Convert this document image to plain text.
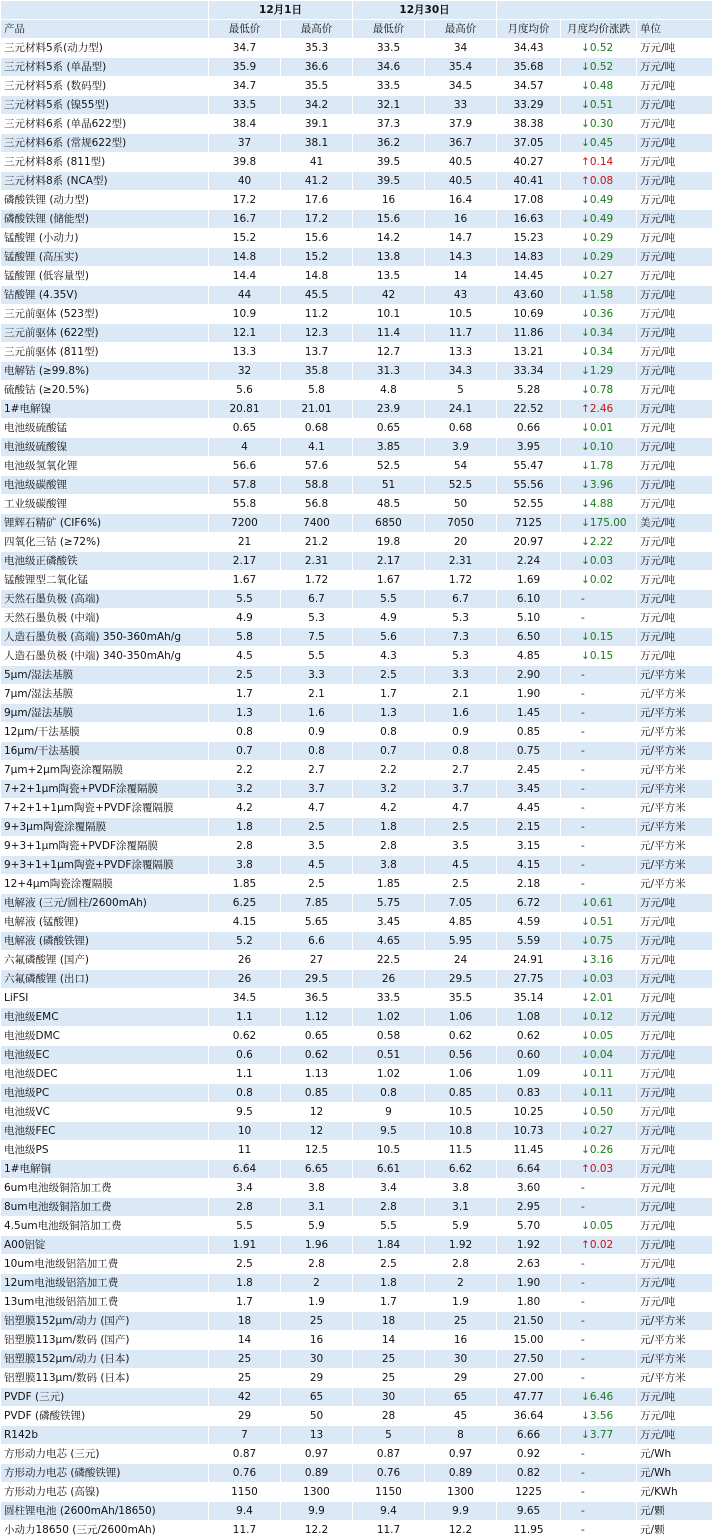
	12月1日		12月30日				
产品	最低价	最高价	最低价	最高价	月度均价	月度均价涨跌	单位
三元材料5系(动力型)	34.7	35.3	33.5	34	34.43	↓0.52	万元/吨
三元材料5系 (单晶型)	35.9	36.6	34.6	35.4	35.68	↓0.52	万元/吨
三元材料5系 (数码型)	34.7	35.5	33.5	34.5	34.57	↓0.48	万元/吨
三元材料5系 (镍55型)	33.5	34.2	32.1	33	33.29	↓0.51	万元/吨
三元材料6系 (单晶622型)	38.4	39.1	37.3	37.9	38.38	↓0.30	万元/吨
三元材料6系 (常规622型)	37	38.1	36.2	36.7	37.05	↓0.45	万元/吨
三元材料8系 (811型)	39.8	41	39.5	40.5	40.27	↑0.14	万元/吨
三元材料8系 (NCA型)	40	41.2	39.5	40.5	40.41	↑0.08	万元/吨
磷酸铁锂 (动力型)	17.2	17.6	16	16.4	17.08	↓0.49	万元/吨
磷酸铁锂 (储能型)	16.7	17.2	15.6	16	16.63	↓0.49	万元/吨
锰酸锂 (小动力)	15.2	15.6	14.2	14.7	15.23	↓0.29	万元/吨
锰酸锂 (高压实)	14.8	15.2	13.8	14.3	14.83	↓0.29	万元/吨
锰酸锂 (低容量型)	14.4	14.8	13.5	14	14.45	↓0.27	万元/吨
钴酸锂 (4.35V)	44	45.5	42	43	43.60	↓1.58	万元/吨
三元前驱体 (523型)	10.9	11.2	10.1	10.5	10.69	↓0.36	万元/吨
三元前驱体 (622型)	12.1	12.3	11.4	11.7	11.86	↓0.34	万元/吨
三元前驱体 (811型)	13.3	13.7	12.7	13.3	13.21	↓0.34	万元/吨
电解钴 (≥99.8%)	32	35.8	31.3	34.3	33.34	↓1.29	万元/吨
硫酸钴 (≥20.5%)	5.6	5.8	4.8	5	5.28	↓0.78	万元/吨
1#电解镍	20.81	21.01	23.9	24.1	22.52	↑2.46	万元/吨
电池级硫酸锰	0.65	0.68	0.65	0.68	0.66	↓0.01	万元/吨
电池级硫酸镍	4	4.1	3.85	3.9	3.95	↓0.10	万元/吨
电池级氢氧化锂	56.6	57.6	52.5	54	55.47	↓1.78	万元/吨
电池级碳酸锂	57.8	58.8	51	52.5	55.56	↓3.96	万元/吨
工业级碳酸锂	55.8	56.8	48.5	50	52.55	↓4.88	万元/吨
锂辉石精矿 (CIF6%)	7200	7400	6850	7050	7125	↓175.00	美元/吨
四氧化三钴 (≥72%)	21	21.2	19.8	20	20.97	↓2.22	万元/吨
电池级正磷酸铁	2.17	2.31	2.17	2.31	2.24	↓0.03	万元/吨
锰酸锂型二氧化锰	1.67	1.72	1.67	1.72	1.69	↓0.02	万元/吨
天然石墨负极 (高端)	5.5	6.7	5.5	6.7	6.10	-	万元/吨
天然石墨负极 (中端)	4.9	5.3	4.9	5.3	5.10	-	万元/吨
人造石墨负极 (高端) 350-360mAh/g	5.8	7.5	5.6	7.3	6.50	↓0.15	万元/吨
人造石墨负极 (中端) 340-350mAh/g	4.5	5.5	4.3	5.3	4.85	↓0.15	万元/吨
5μm/湿法基膜	2.5	3.3	2.5	3.3	2.90	-	元/平方米
7μm/湿法基膜	1.7	2.1	1.7	2.1	1.90	-	元/平方米
9μm/湿法基膜	1.3	1.6	1.3	1.6	1.45	-	元/平方米
12μm/干法基膜	0.8	0.9	0.8	0.9	0.85	-	元/平方米
16μm/干法基膜	0.7	0.8	0.7	0.8	0.75	-	元/平方米
7μm+2μm陶瓷涂覆隔膜	2.2	2.7	2.2	2.7	2.45	-	元/平方米
7+2+1μm陶瓷+PVDF涂覆隔膜	3.2	3.7	3.2	3.7	3.45	-	元/平方米
7+2+1+1μm陶瓷+PVDF涂覆隔膜	4.2	4.7	4.2	4.7	4.45	-	元/平方米
9+3μm陶瓷涂覆隔膜	1.8	2.5	1.8	2.5	2.15	-	元/平方米
9+3+1μm陶瓷+PVDF涂覆隔膜	2.8	3.5	2.8	3.5	3.15	-	元/平方米
9+3+1+1μm陶瓷+PVDF涂覆隔膜	3.8	4.5	3.8	4.5	4.15	-	元/平方米
12+4μm陶瓷涂覆隔膜	1.85	2.5	1.85	2.5	2.18	-	元/平方米
电解液 (三元/圆柱/2600mAh)	6.25	7.85	5.75	7.05	6.72	↓0.61	万元/吨
电解液 (锰酸锂)	4.15	5.65	3.45	4.85	4.59	↓0.51	万元/吨
电解液 (磷酸铁锂)	5.2	6.6	4.65	5.95	5.59	↓0.75	万元/吨
六氟磷酸锂 (国产)	26	27	22.5	24	24.91	↓3.16	万元/吨
六氟磷酸锂 (出口)	26	29.5	26	29.5	27.75	↓0.03	万元/吨
LiFSI	34.5	36.5	33.5	35.5	35.14	↓2.01	万元/吨
电池级EMC	1.1	1.12	1.02	1.06	1.08	↓0.12	万元/吨
电池级DMC	0.62	0.65	0.58	0.62	0.62	↓0.05	万元/吨
电池级EC	0.6	0.62	0.51	0.56	0.60	↓0.04	万元/吨
电池级DEC	1.1	1.13	1.02	1.06	1.09	↓0.11	万元/吨
电池级PC	0.8	0.85	0.8	0.85	0.83	↓0.11	万元/吨
电池级VC	9.5	12	9	10.5	10.25	↓0.50	万元/吨
电池级FEC	10	12	9.5	10.8	10.73	↓0.27	万元/吨
电池级PS	11	12.5	10.5	11.5	11.45	↓0.26	万元/吨
1#电解铜	6.64	6.65	6.61	6.62	6.64	↑0.03	万元/吨
6um电池级铜箔加工费	3.4	3.8	3.4	3.8	3.60	-	万元/吨
8um电池级铜箔加工费	2.8	3.1	2.8	3.1	2.95	-	万元/吨
4.5um电池级铜箔加工费	5.5	5.9	5.5	5.9	5.70	↓0.05	万元/吨
A00铝锭	1.91	1.96	1.84	1.92	1.92	↑0.02	万元/吨
10um电池级铝箔加工费	2.5	2.8	2.5	2.8	2.63	-	万元/吨
12um电池级铝箔加工费	1.8	2	1.8	2	1.90	-	万元/吨
13um电池级铝箔加工费	1.7	1.9	1.7	1.9	1.80	-	万元/吨
铝塑膜152μm/动力 (国产)	18	25	18	25	21.50	-	元/平方米
铝塑膜113μm/数码 (国产)	14	16	14	16	15.00	-	元/平方米
铝塑膜152μm/动力 (日本)	25	30	25	30	27.50	-	元/平方米
铝塑膜113μm/数码 (日本)	25	29	25	29	27.00	-	元/平方米
PVDF (三元)	42	65	30	65	47.77	↓6.46	万元/吨
PVDF (磷酸铁锂)	29	50	28	45	36.64	↓3.56	万元/吨
R142b	7	13	5	8	6.66	↓3.77	万元/吨
方形动力电芯 (三元)	0.87	0.97	0.87	0.97	0.92	-	元/Wh
方形动力电芯 (磷酸铁锂)	0.76	0.89	0.76	0.89	0.82	-	元/Wh
方形动力电芯 (高镍)	1150	1300	1150	1300	1225	-	元/KWh
圆柱锂电池 (2600mAh/18650)	9.4	9.9	9.4	9.9	9.65	-	元/颗
小动力18650 (三元/2600mAh)	11.7	12.2	11.7	12.2	11.95	-	元/颗
